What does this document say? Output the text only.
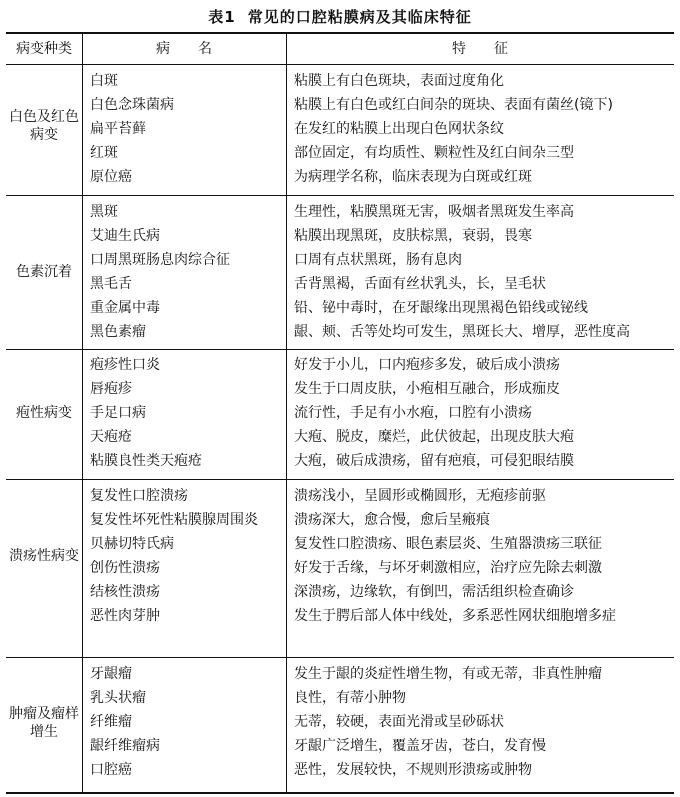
表1 常见的口腔粘膜病及其临床特征
病变种类	病　　名	特　　征
白色及红色病变
白斑	粘膜上有白色斑块，表面过度角化
白色念珠菌病	粘膜上有白色或红白间杂的斑块、表面有菌丝(镜下)
扁平苔藓	在发红的粘膜上出现白色网状条纹
红斑	部位固定，有均质性、颗粒性及红白间杂三型
原位癌	为病理学名称，临床表现为白斑或红斑
色素沉着
黑斑	生理性，粘膜黑斑无害，吸烟者黑斑发生率高
艾迪生氏病	粘膜出现黑斑，皮肤棕黑，衰弱，畏寒
口周黑斑肠息肉综合征	口周有点状黑斑，肠有息肉
黑毛舌	舌背黑褐，舌面有丝状乳头，长，呈毛状
重金属中毒	铅、铋中毒时，在牙龈缘出现黑褐色铅线或铋线
黑色素瘤	龈、颊、舌等处均可发生，黑斑长大、增厚，恶性度高
疱性病变
疱疹性口炎	好发于小儿，口内疱疹多发，破后成小溃疡
唇疱疹	发生于口周皮肤，小疱相互融合，形成痂皮
手足口病	流行性，手足有小水疱，口腔有小溃疡
天疱疮	大疱、脱皮，糜烂，此伏彼起，出现皮肤大疱
粘膜良性类天疱疮	大疱，破后成溃疡，留有疤痕，可侵犯眼结膜
溃疡性病变
复发性口腔溃疡	溃疡浅小，呈圆形或椭圆形，无疱疹前驱
复发性坏死性粘膜腺周围炎	溃疡深大，愈合慢，愈后呈瘢痕
贝赫切特氏病	复发性口腔溃疡、眼色素层炎、生殖器溃疡三联征
创伤性溃疡	好发于舌缘，与坏牙刺激相应，治疗应先除去刺激
结核性溃疡	深溃疡，边缘软，有倒凹，需活组织检查确诊
恶性肉芽肿	发生于腭后部人体中线处，多系恶性网状细胞增多症
肿瘤及瘤样增生
牙龈瘤	发生于龈的炎症性增生物，有或无蒂，非真性肿瘤
乳头状瘤	良性，有蒂小肿物
纤维瘤	无蒂，较硬，表面光滑或呈砂砾状
龈纤维瘤病	牙龈广泛增生，覆盖牙齿，苍白，发育慢
口腔癌	恶性，发展较快，不规则形溃疡或肿物
